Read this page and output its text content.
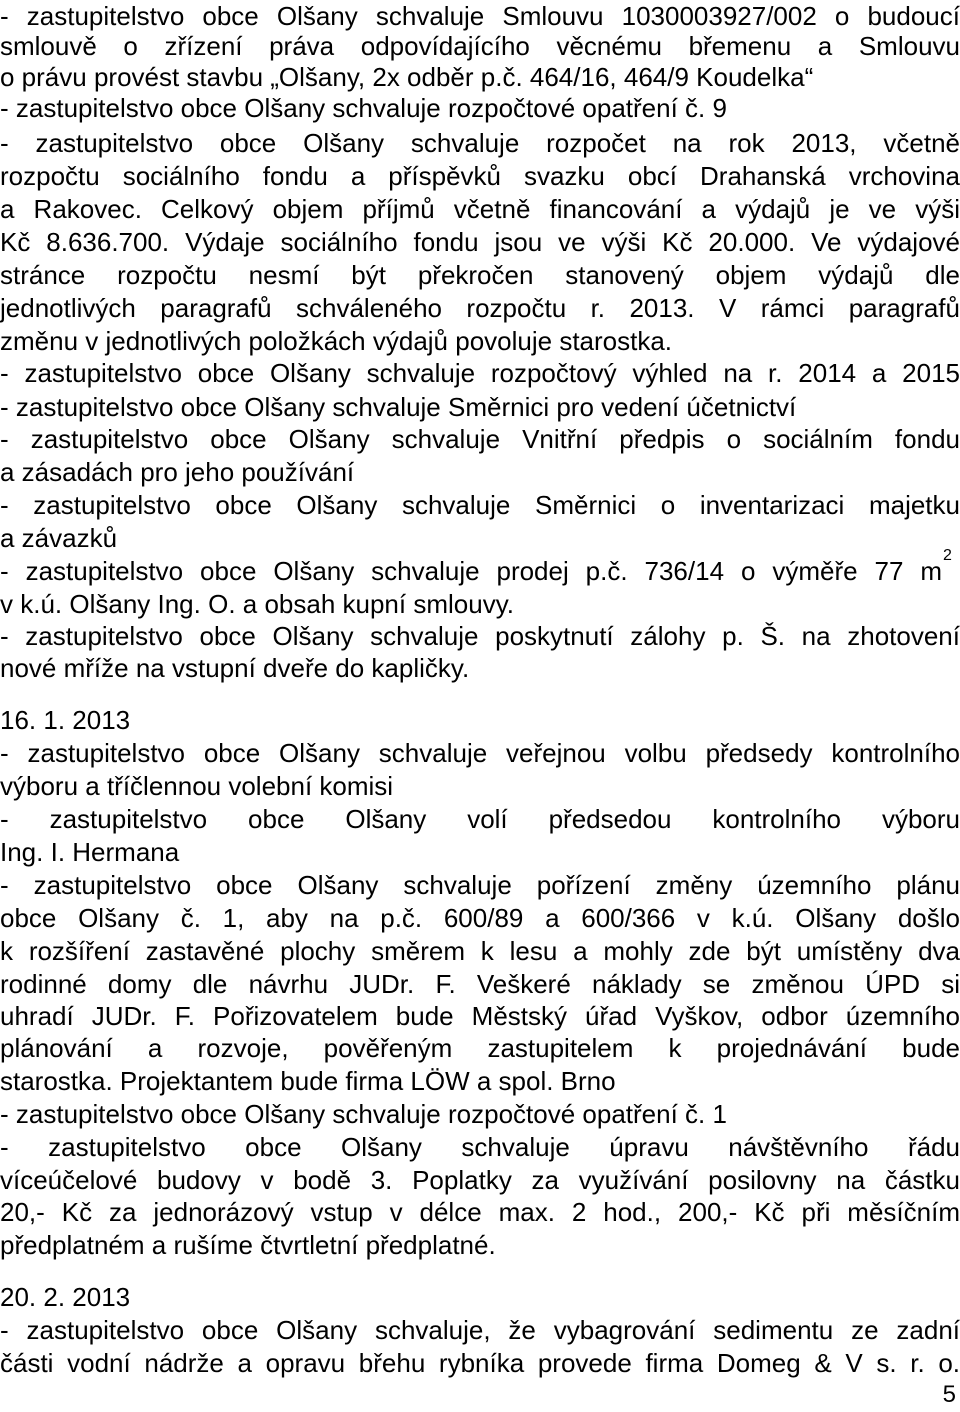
- zastupitelstvo obce Olšany schvaluje Smlouvu 1030003927/002 o budoucí
smlouvě o zřízení práva odpovídajícího věcnému břemenu a Smlouvu
o právu provést stavbu „Olšany, 2x odběr p.č. 464/16, 464/9 Koudelka“
- zastupitelstvo obce Olšany schvaluje rozpočtové opatření č. 9
- zastupitelstvo obce Olšany schvaluje rozpočet na rok 2013, včetně
rozpočtu sociálního fondu a příspěvků svazku obcí Drahanská vrchovina
a Rakovec. Celkový objem příjmů včetně financování a výdajů je ve výši
Kč 8.636.700. Výdaje sociálního fondu jsou ve výši Kč 20.000. Ve výdajové
stránce rozpočtu nesmí být překročen stanovený objem výdajů dle
jednotlivých paragrafů schváleného rozpočtu r. 2013. V rámci paragrafů
změnu v jednotlivých položkách výdajů povoluje starostka.
- zastupitelstvo obce Olšany schvaluje rozpočtový výhled na r. 2014 a 2015
- zastupitelstvo obce Olšany schvaluje Směrnici pro vedení účetnictví
- zastupitelstvo obce Olšany schvaluje Vnitřní předpis o sociálním fondu
a zásadách pro jeho používání
- zastupitelstvo obce Olšany schvaluje Směrnici o inventarizaci majetku
a závazků
- zastupitelstvo obce Olšany schvaluje prodej p.č. 736/14 o výměře 77 m
2
v k.ú. Olšany Ing. O. a obsah kupní smlouvy.
- zastupitelstvo obce Olšany schvaluje poskytnutí zálohy p. Š. na zhotovení
nové mříže na vstupní dveře do kapličky.
16. 1. 2013
- zastupitelstvo obce Olšany schvaluje veřejnou volbu předsedy kontrolního
výboru a tříčlennou volební komisi
- zastupitelstvo obce Olšany volí předsedou kontrolního výboru
Ing. I. Hermana
- zastupitelstvo obce Olšany schvaluje pořízení změny územního plánu
obce Olšany č. 1, aby na p.č. 600/89 a 600/366 v k.ú. Olšany došlo
k rozšíření zastavěné plochy směrem k lesu a mohly zde být umístěny dva
rodinné domy dle návrhu JUDr. F. Veškeré náklady se změnou ÚPD si
uhradí JUDr. F. Pořizovatelem bude Městský úřad Vyškov, odbor územního
plánování a rozvoje, pověřeným zastupitelem k projednávání bude
starostka. Projektantem bude firma LÖW a spol. Brno
- zastupitelstvo obce Olšany schvaluje rozpočtové opatření č. 1
- zastupitelstvo obce Olšany schvaluje úpravu návštěvního řádu
víceúčelové budovy v bodě 3. Poplatky za využívání posilovny na částku
20,- Kč za jednorázový vstup v délce max. 2 hod., 200,- Kč při měsíčním
předplatném a rušíme čtvrtletní předplatné.
20. 2. 2013
- zastupitelstvo obce Olšany schvaluje, že vybagrování sedimentu ze zadní
části vodní nádrže a opravu břehu rybníka provede firma Domeg & V s. r. o.
5
